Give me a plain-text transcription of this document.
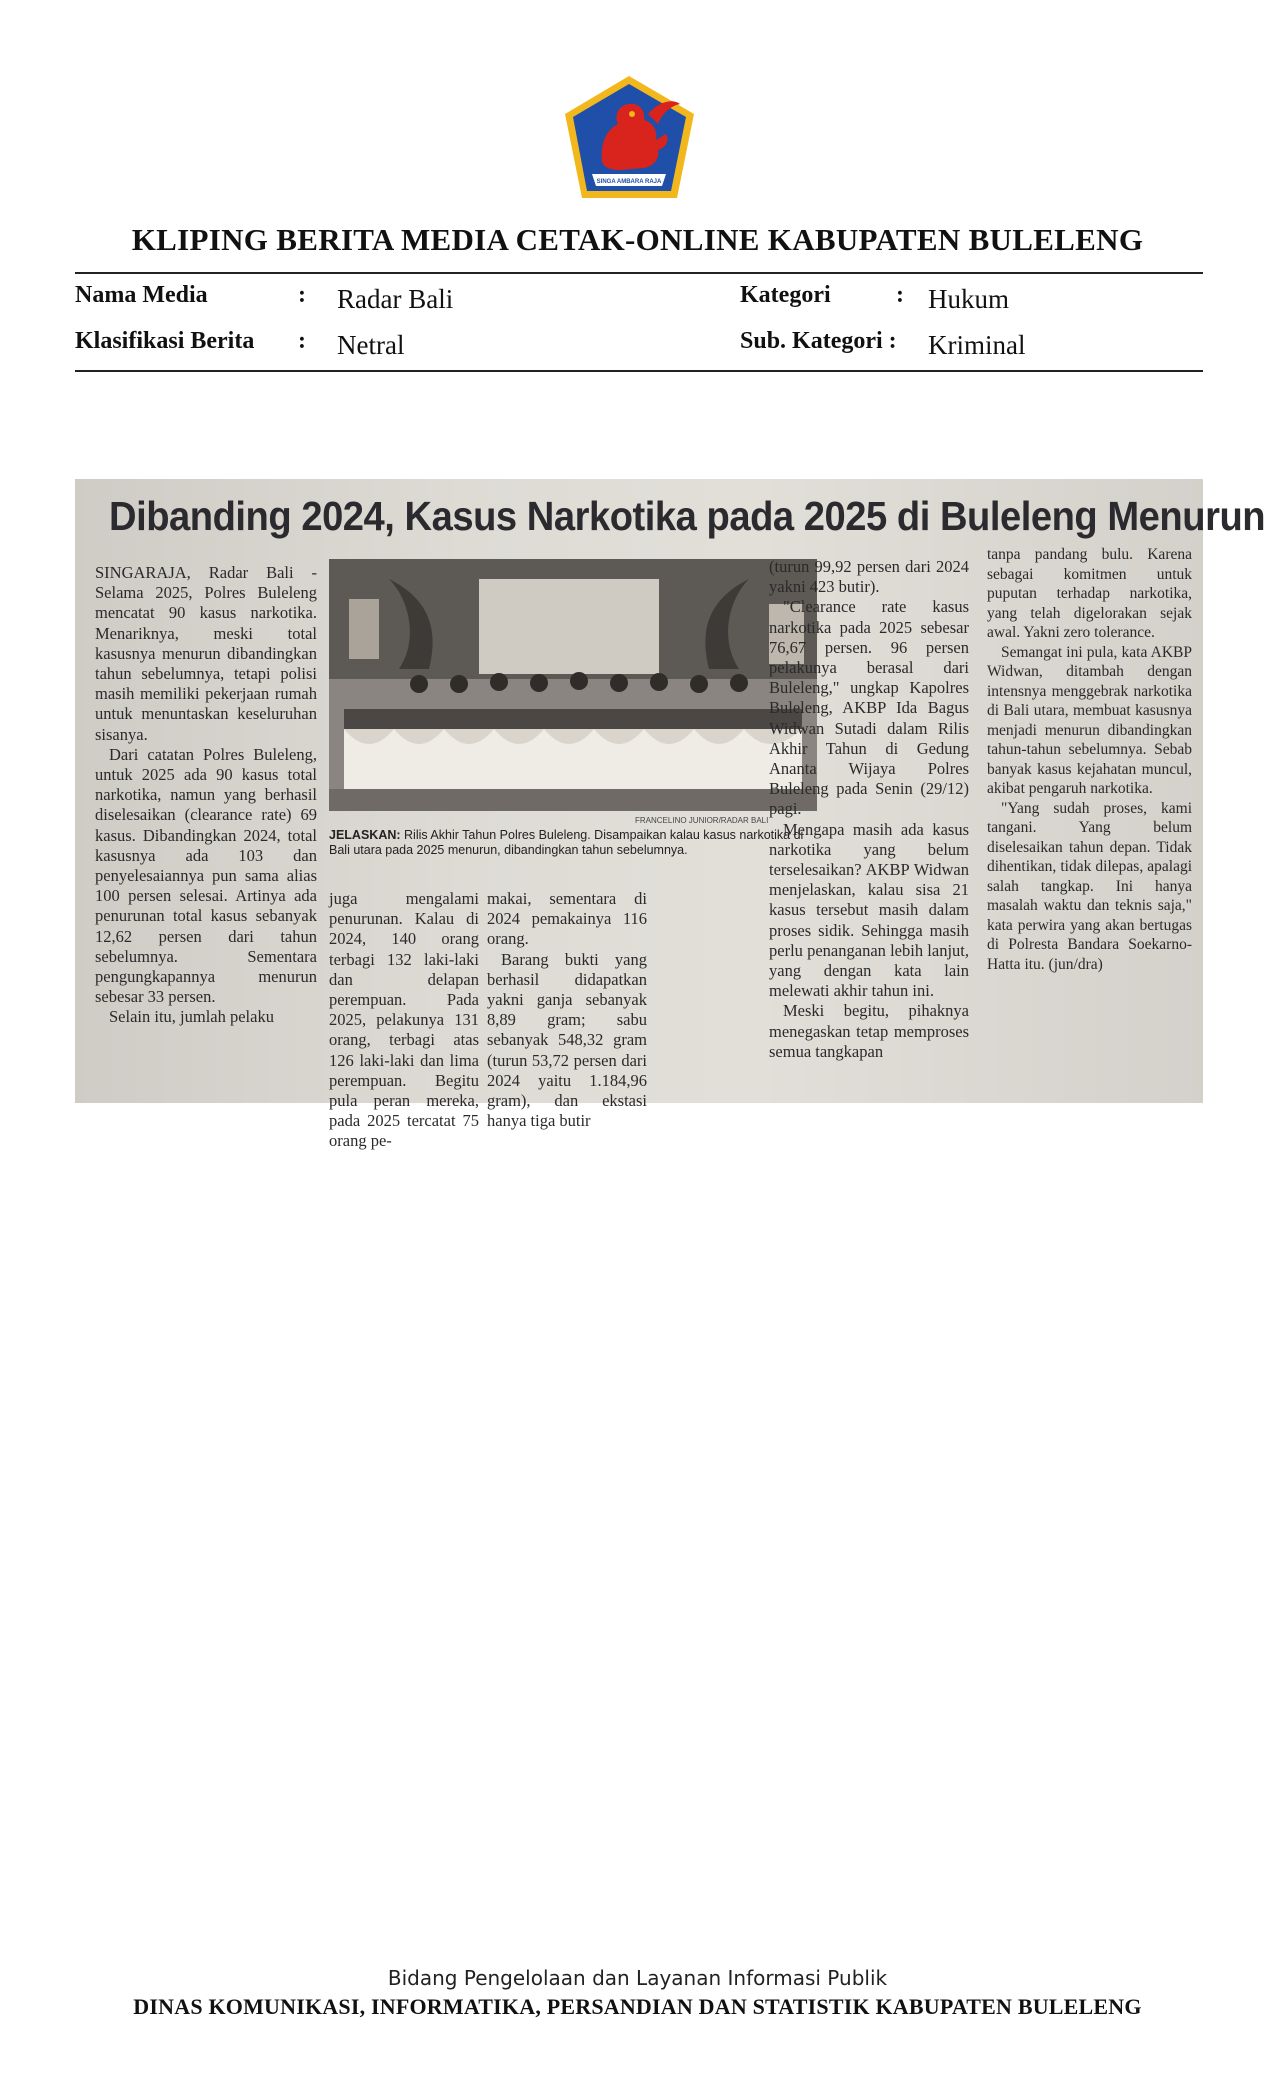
SINGA AMBARA RAJA
KLIPING BERITA MEDIA CETAK-ONLINE KABUPATEN BULELENG
Nama Media	: Radar Bali	Kategori	: Hukum
Klasifikasi Berita : Netral	Sub. Kategori : Kriminal
Dibanding 2024, Kasus Narkotika pada 2025 di Buleleng Menurun

SINGARAJA, Radar Bali - Selama 2025, Polres Buleleng mencatat 90 kasus narkotika. Menariknya, meski total kasusnya menurun dibandingkan tahun sebelumnya, tetapi polisi masih memiliki pekerjaan rumah untuk menuntaskan keseluruhan sisanya.

Dari catatan Polres Buleleng, untuk 2025 ada 90 kasus total narkotika, namun yang berhasil diselesaikan (clearance rate) 69 kasus. Dibandingkan 2024, total kasusnya ada 103 dan penyelesaiannya pun sama alias 100 persen selesai. Artinya ada penurunan total kasus sebanyak 12,62 persen dari tahun sebelumnya. Sementara pengungkapannya menurun sebesar 33 persen.

Selain itu, jumlah pelaku

FRANCELINO JUNIOR/RADAR BALI
JELASKAN: Rilis Akhir Tahun Polres Buleleng. Disampaikan kalau kasus narkotika di Bali utara pada 2025 menurun, dibandingkan tahun sebelumnya.

juga mengalami penurunan. Kalau di 2024, 140 orang terbagi 132 laki-laki dan delapan perempuan. Pada 2025, pelakunya 131 orang, terbagi atas 126 laki-laki dan lima perempuan. Begitu pula peran mereka, pada 2025 tercatat 75 orang pe-

makai, sementara di 2024 pemakainya 116 orang.

Barang bukti yang berhasil didapatkan yakni ganja sebanyak 8,89 gram; sabu sebanyak 548,32 gram (turun 53,72 persen dari 2024 yaitu 1.184,96 gram), dan ekstasi hanya tiga butir

(turun 99,92 persen dari 2024 yakni 423 butir).

"Clearance rate kasus narkotika pada 2025 sebesar 76,67 persen. 96 persen pelakunya berasal dari Buleleng," ungkap Kapolres Buleleng, AKBP Ida Bagus Widwan Sutadi dalam Rilis Akhir Tahun di Gedung Ananta Wijaya Polres Buleleng pada Senin (29/12) pagi.

Mengapa masih ada kasus narkotika yang belum terselesaikan? AKBP Widwan menjelaskan, kalau sisa 21 kasus tersebut masih dalam proses sidik. Sehingga masih perlu penanganan lebih lanjut, yang dengan kata lain melewati akhir tahun ini.

Meski begitu, pihaknya menegaskan tetap memproses semua tangkapan

tanpa pandang bulu. Karena sebagai komitmen untuk puputan terhadap narkotika, yang telah digelorakan sejak awal. Yakni zero tolerance.

Semangat ini pula, kata AKBP Widwan, ditambah dengan intensnya menggebrak narkotika di Bali utara, membuat kasusnya menjadi menurun dibandingkan tahun-tahun sebelumnya. Sebab banyak kasus kejahatan muncul, akibat pengaruh narkotika.

"Yang sudah proses, kami tangani. Yang belum diselesaikan tahun depan. Tidak dihentikan, tidak dilepas, apalagi salah tangkap. Ini hanya masalah waktu dan teknis saja," kata perwira yang akan bertugas di Polresta Bandara Soekarno-Hatta itu. (jun/dra)

Bidang Pengelolaan dan Layanan Informasi Publik
DINAS KOMUNIKASI, INFORMATIKA, PERSANDIAN DAN STATISTIK KABUPATEN BULELENG
